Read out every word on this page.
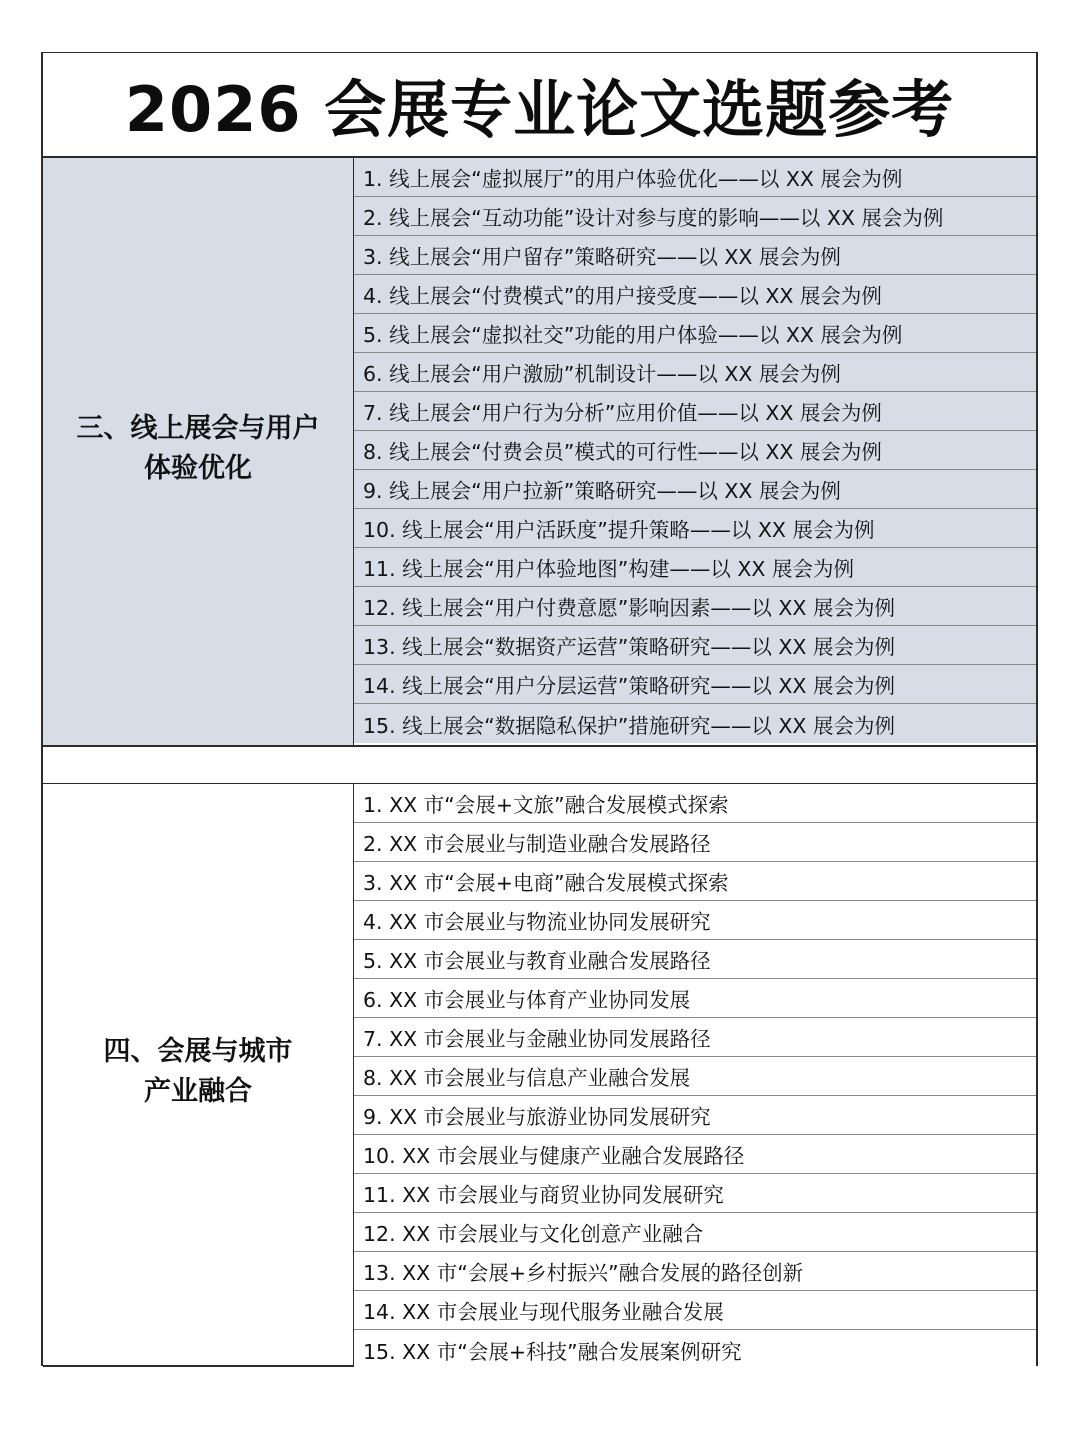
2026 会展专业论文选题参考
三、线上展会与用户
体验优化
1. 线上展会“虚拟展厅”的用户体验优化——以 XX 展会为例
2. 线上展会“互动功能”设计对参与度的影响——以 XX 展会为例
3. 线上展会“用户留存”策略研究——以 XX 展会为例
4. 线上展会“付费模式”的用户接受度——以 XX 展会为例
5. 线上展会“虚拟社交”功能的用户体验——以 XX 展会为例
6. 线上展会“用户激励”机制设计——以 XX 展会为例
7. 线上展会“用户行为分析”应用价值——以 XX 展会为例
8. 线上展会“付费会员”模式的可行性——以 XX 展会为例
9. 线上展会“用户拉新”策略研究——以 XX 展会为例
10. 线上展会“用户活跃度”提升策略——以 XX 展会为例
11. 线上展会“用户体验地图”构建——以 XX 展会为例
12. 线上展会“用户付费意愿”影响因素——以 XX 展会为例
13. 线上展会“数据资产运营”策略研究——以 XX 展会为例
14. 线上展会“用户分层运营”策略研究——以 XX 展会为例
15. 线上展会“数据隐私保护”措施研究——以 XX 展会为例
四、会展与城市
产业融合
1. XX 市“会展+文旅”融合发展模式探索
2. XX 市会展业与制造业融合发展路径
3. XX 市“会展+电商”融合发展模式探索
4. XX 市会展业与物流业协同发展研究
5. XX 市会展业与教育业融合发展路径
6. XX 市会展业与体育产业协同发展
7. XX 市会展业与金融业协同发展路径
8. XX 市会展业与信息产业融合发展
9. XX 市会展业与旅游业协同发展研究
10. XX 市会展业与健康产业融合发展路径
11. XX 市会展业与商贸业协同发展研究
12. XX 市会展业与文化创意产业融合
13. XX 市“会展+乡村振兴”融合发展的路径创新
14. XX 市会展业与现代服务业融合发展
15. XX 市“会展+科技”融合发展案例研究
